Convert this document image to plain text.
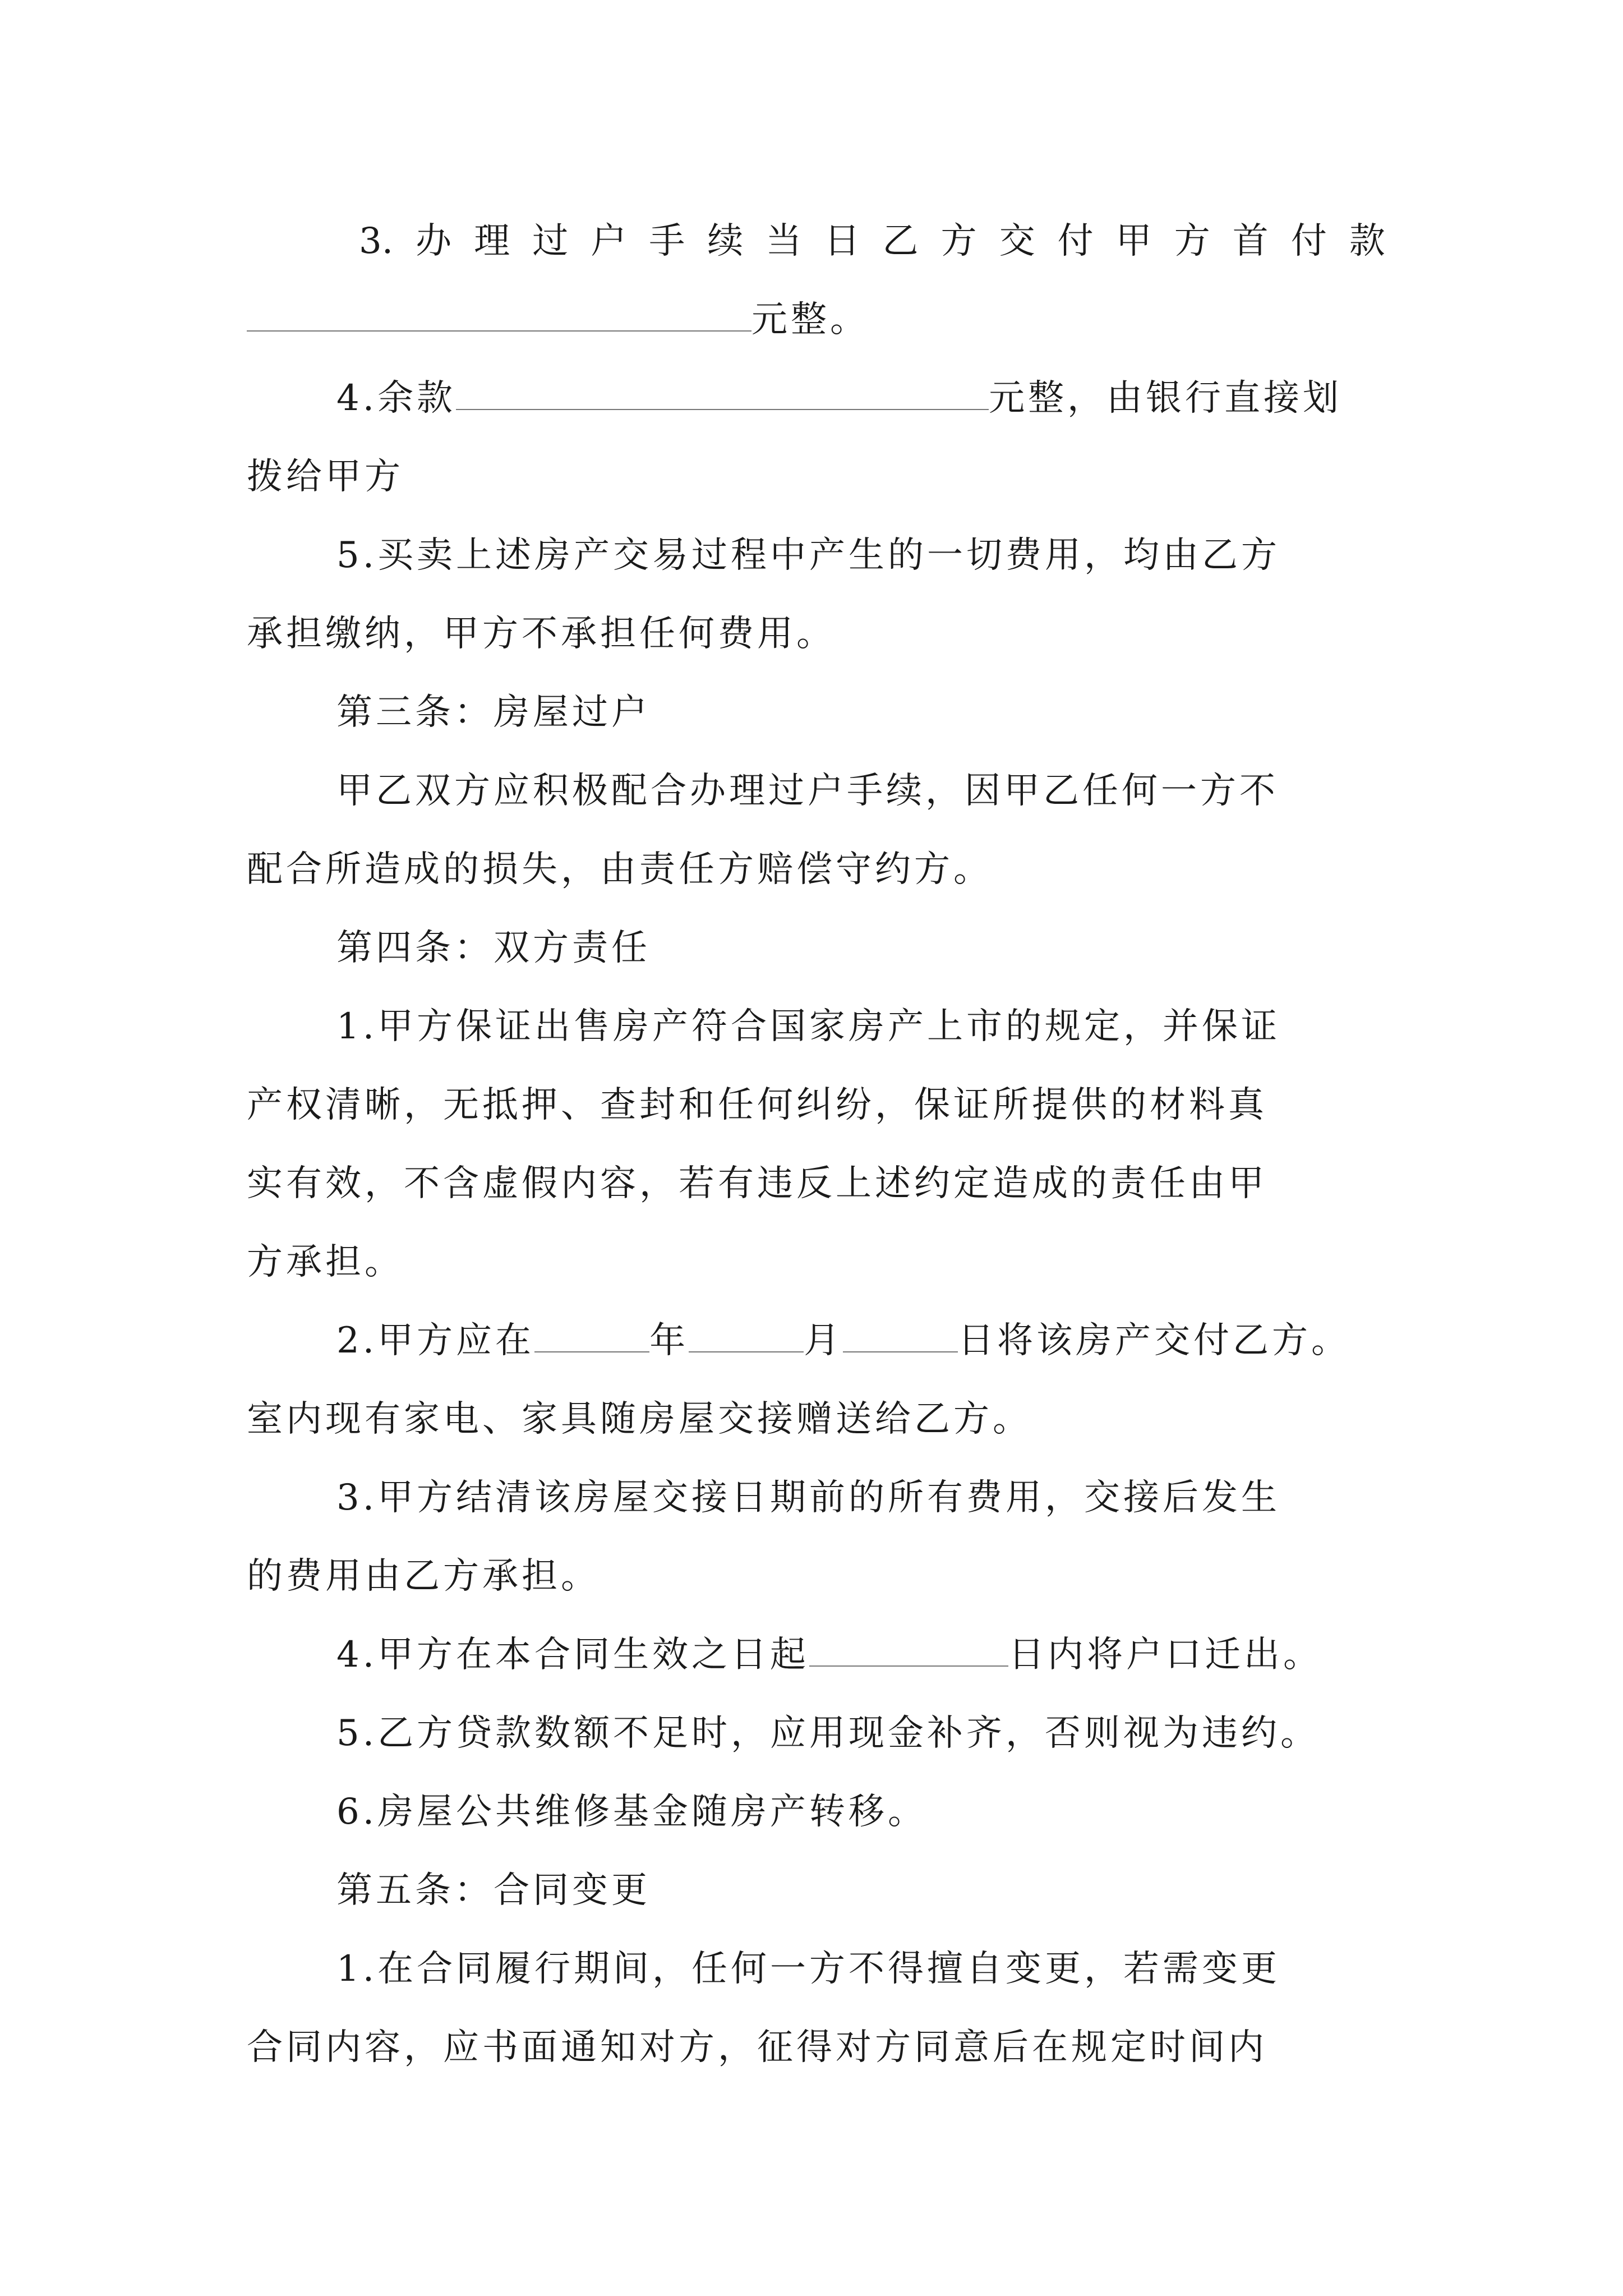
3. 办 理 过 户 手 续 当 日 乙 方 交 付 甲 方 首 付 款
元整。
4.余款	元整，由银行直接划
拨给甲方
5.买卖上述房产交易过程中产生的一切费用，均由乙方
承担缴纳，甲方不承担任何费用。
第三条：房屋过户
甲乙双方应积极配合办理过户手续，因甲乙任何一方不
配合所造成的损失，由责任方赔偿守约方。
第四条：双方责任
1.甲方保证出售房产符合国家房产上市的规定，并保证
产权清晰，无抵押、查封和任何纠纷，保证所提供的材料真
实有效，不含虚假内容，若有违反上述约定造成的责任由甲
方承担。
2.甲方应在	年	月	日将该房产交付乙方。
室内现有家电、家具随房屋交接赠送给乙方。
3.甲方结清该房屋交接日期前的所有费用，交接后发生
的费用由乙方承担。
4.甲方在本合同生效之日起	日内将户口迁出。
5.乙方贷款数额不足时，应用现金补齐，否则视为违约。
6.房屋公共维修基金随房产转移。
第五条：合同变更
1.在合同履行期间，任何一方不得擅自变更，若需变更
合同内容，应书面通知对方，征得对方同意后在规定时间内
